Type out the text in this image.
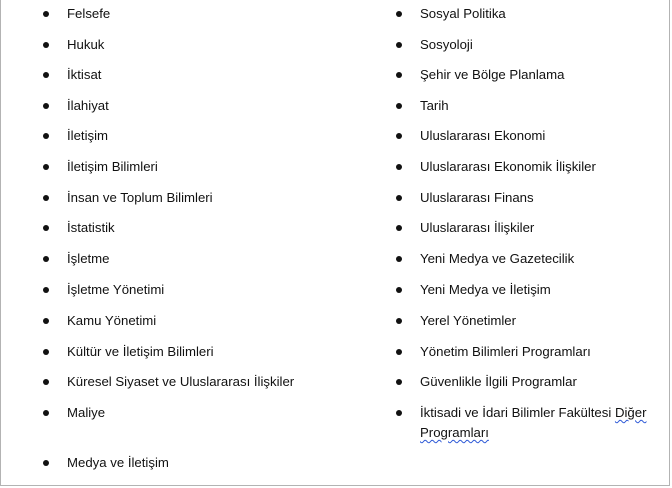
Felsefe
Hukuk
İktisat
İlahiyat
İletişim
İletişim Bilimleri
İnsan ve Toplum Bilimleri
İstatistik
İşletme
İşletme Yönetimi
Kamu Yönetimi
Kültür ve İletişim Bilimleri
Küresel Siyaset ve Uluslararası İlişkiler
Maliye
Medya ve İletişim
Sosyal Politika
Sosyoloji
Şehir ve Bölge Planlama
Tarih
Uluslararası Ekonomi
Uluslararası Ekonomik İlişkiler
Uluslararası Finans
Uluslararası İlişkiler
Yeni Medya ve Gazetecilik
Yeni Medya ve İletişim
Yerel Yönetimler
Yönetim Bilimleri Programları
Güvenlikle İlgili Programlar
İktisadi ve İdari Bilimler Fakültesi Diğer
Programları
